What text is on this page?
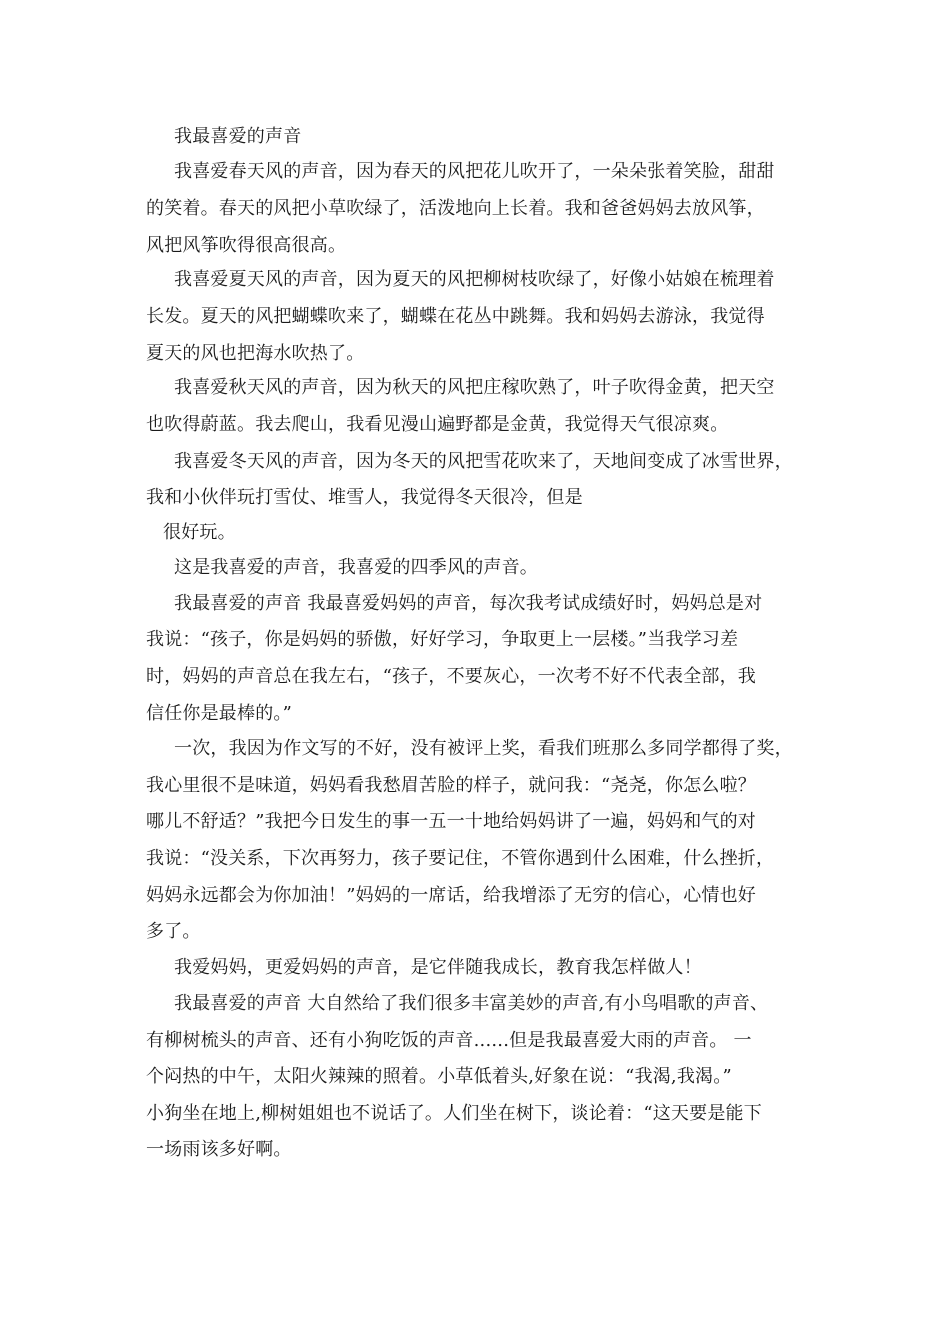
我最喜爱的声音
我喜爱春天风的声音，因为春天的风把花儿吹开了，一朵朵张着笑脸，甜甜
的笑着。春天的风把小草吹绿了，活泼地向上长着。我和爸爸妈妈去放风筝，
风把风筝吹得很高很高。
我喜爱夏天风的声音，因为夏天的风把柳树枝吹绿了，好像小姑娘在梳理着
长发。夏天的风把蝴蝶吹来了，蝴蝶在花丛中跳舞。我和妈妈去游泳，我觉得
夏天的风也把海水吹热了。
我喜爱秋天风的声音，因为秋天的风把庄稼吹熟了，叶子吹得金黄，把天空
也吹得蔚蓝。我去爬山，我看见漫山遍野都是金黄，我觉得天气很凉爽。
我喜爱冬天风的声音，因为冬天的风把雪花吹来了，天地间变成了冰雪世界，
我和小伙伴玩打雪仗、堆雪人，我觉得冬天很冷，但是
很好玩。
这是我喜爱的声音，我喜爱的四季风的声音。
我最喜爱的声音 我最喜爱妈妈的声音，每次我考试成绩好时，妈妈总是对
我说：“孩子，你是妈妈的骄傲，好好学习，争取更上一层楼。”当我学习差
时，妈妈的声音总在我左右，“孩子，不要灰心，一次考不好不代表全部，我
信任你是最棒的。”
一次，我因为作文写的不好，没有被评上奖，看我们班那么多同学都得了奖，
我心里很不是味道，妈妈看我愁眉苦脸的样子，就问我：“尧尧，你怎么啦？
哪儿不舒适？”我把今日发生的事一五一十地给妈妈讲了一遍，妈妈和气的对
我说：“没关系，下次再努力，孩子要记住，不管你遇到什么困难，什么挫折，
妈妈永远都会为你加油！”妈妈的一席话，给我增添了无穷的信心，心情也好
多了。
我爱妈妈，更爱妈妈的声音，是它伴随我成长，教育我怎样做人！
我最喜爱的声音 大自然给了我们很多丰富美妙的声音,有小鸟唱歌的声音、
有柳树梳头的声音、还有小狗吃饭的声音......但是我最喜爱大雨的声音。 一
个闷热的中午，太阳火辣辣的照着。小草低着头,好象在说：“我渴,我渴。”
小狗坐在地上,柳树姐姐也不说话了。人们坐在树下，谈论着：“这天要是能下
一场雨该多好啊。
